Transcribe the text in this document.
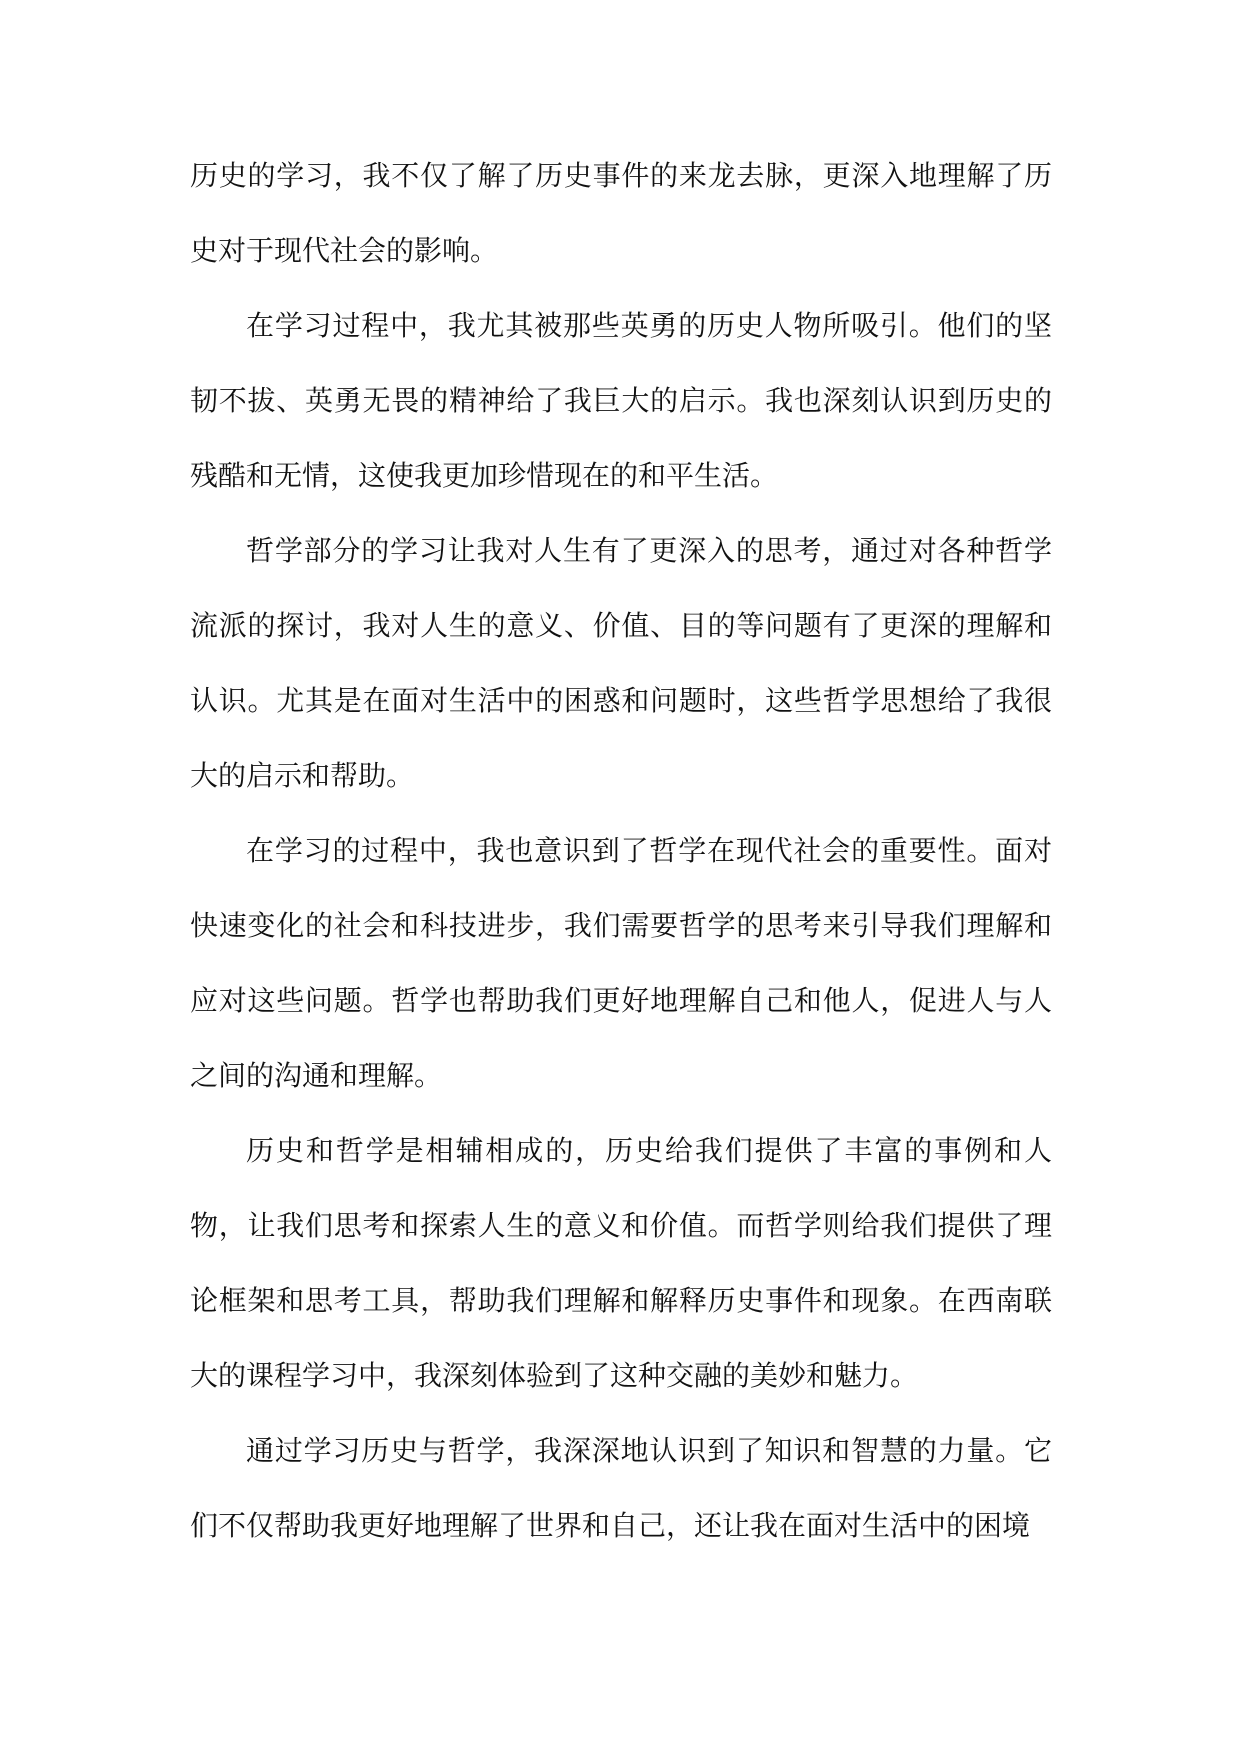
历史的学习，我不仅了解了历史事件的来龙去脉，更深入地理解了历史对于现代社会的影响。

在学习过程中，我尤其被那些英勇的历史人物所吸引。他们的坚韧不拔、英勇无畏的精神给了我巨大的启示。我也深刻认识到历史的残酷和无情，这使我更加珍惜现在的和平生活。

哲学部分的学习让我对人生有了更深入的思考，通过对各种哲学流派的探讨，我对人生的意义、价值、目的等问题有了更深的理解和认识。尤其是在面对生活中的困惑和问题时，这些哲学思想给了我很大的启示和帮助。

在学习的过程中，我也意识到了哲学在现代社会的重要性。面对快速变化的社会和科技进步，我们需要哲学的思考来引导我们理解和应对这些问题。哲学也帮助我们更好地理解自己和他人，促进人与人之间的沟通和理解。

历史和哲学是相辅相成的，历史给我们提供了丰富的事例和人物，让我们思考和探索人生的意义和价值。而哲学则给我们提供了理论框架和思考工具，帮助我们理解和解释历史事件和现象。在西南联大的课程学习中，我深刻体验到了这种交融的美妙和魅力。

通过学习历史与哲学，我深深地认识到了知识和智慧的力量。它们不仅帮助我更好地理解了世界和自己，还让我在面对生活中的困境
